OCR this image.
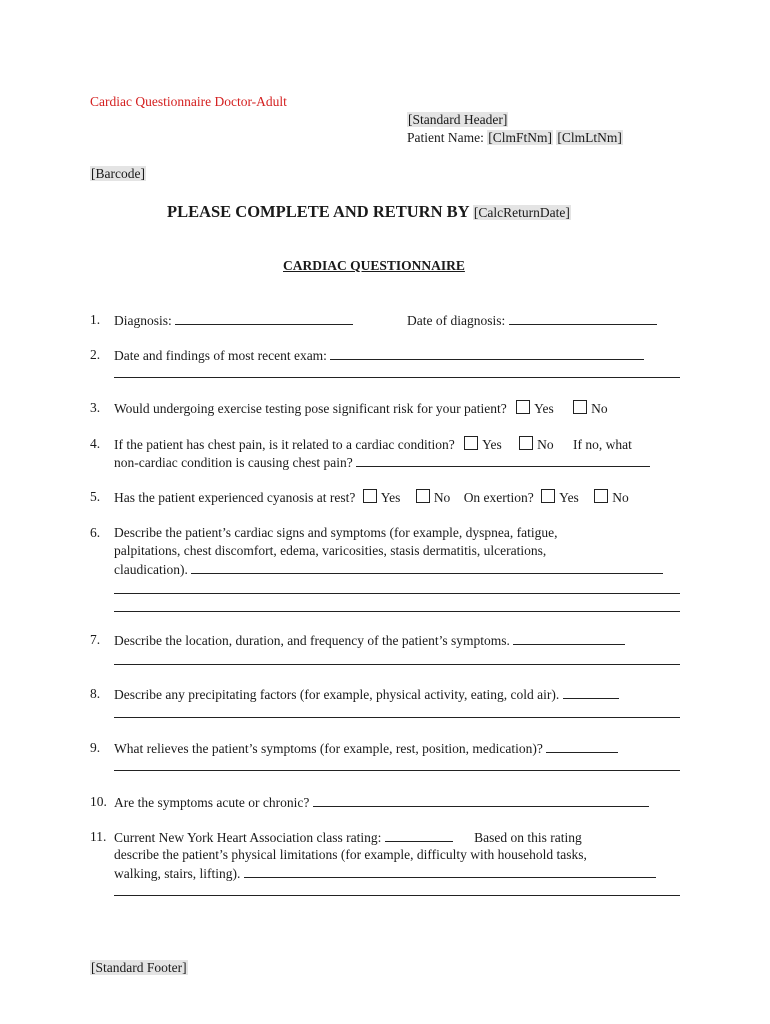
Cardiac Questionnaire Doctor-Adult
[Standard Header]
Patient Name: [ClmFtNm] [ClmLtNm]
[Barcode]
PLEASE COMPLETE AND RETURN BY [CalcReturnDate]
CARDIAC QUESTIONNAIRE
1. Diagnosis:	Date of diagnosis:
2. Date and findings of most recent exam:
3. Would undergoing exercise testing pose significant risk for your patient? Yes	No
4. If the patient has chest pain, is it related to a cardiac condition? Yes	No If no, what
non-cardiac condition is causing chest pain?
5. Has the patient experienced cyanosis at rest? Yes No On exertion? Yes No
6. Describe the patient’s cardiac signs and symptoms (for example, dyspnea, fatigue,
palpitations, chest discomfort, edema, varicosities, stasis dermatitis, ulcerations,
claudication).
7. Describe the location, duration, and frequency of the patient’s symptoms.
8. Describe any precipitating factors (for example, physical activity, eating, cold air).
9. What relieves the patient’s symptoms (for example, rest, position, medication)?
10. Are the symptoms acute or chronic?
11. Current New York Heart Association class rating:	Based on this rating
describe the patient’s physical limitations (for example, difficulty with household tasks,
walking, stairs, lifting).
[Standard Footer]
